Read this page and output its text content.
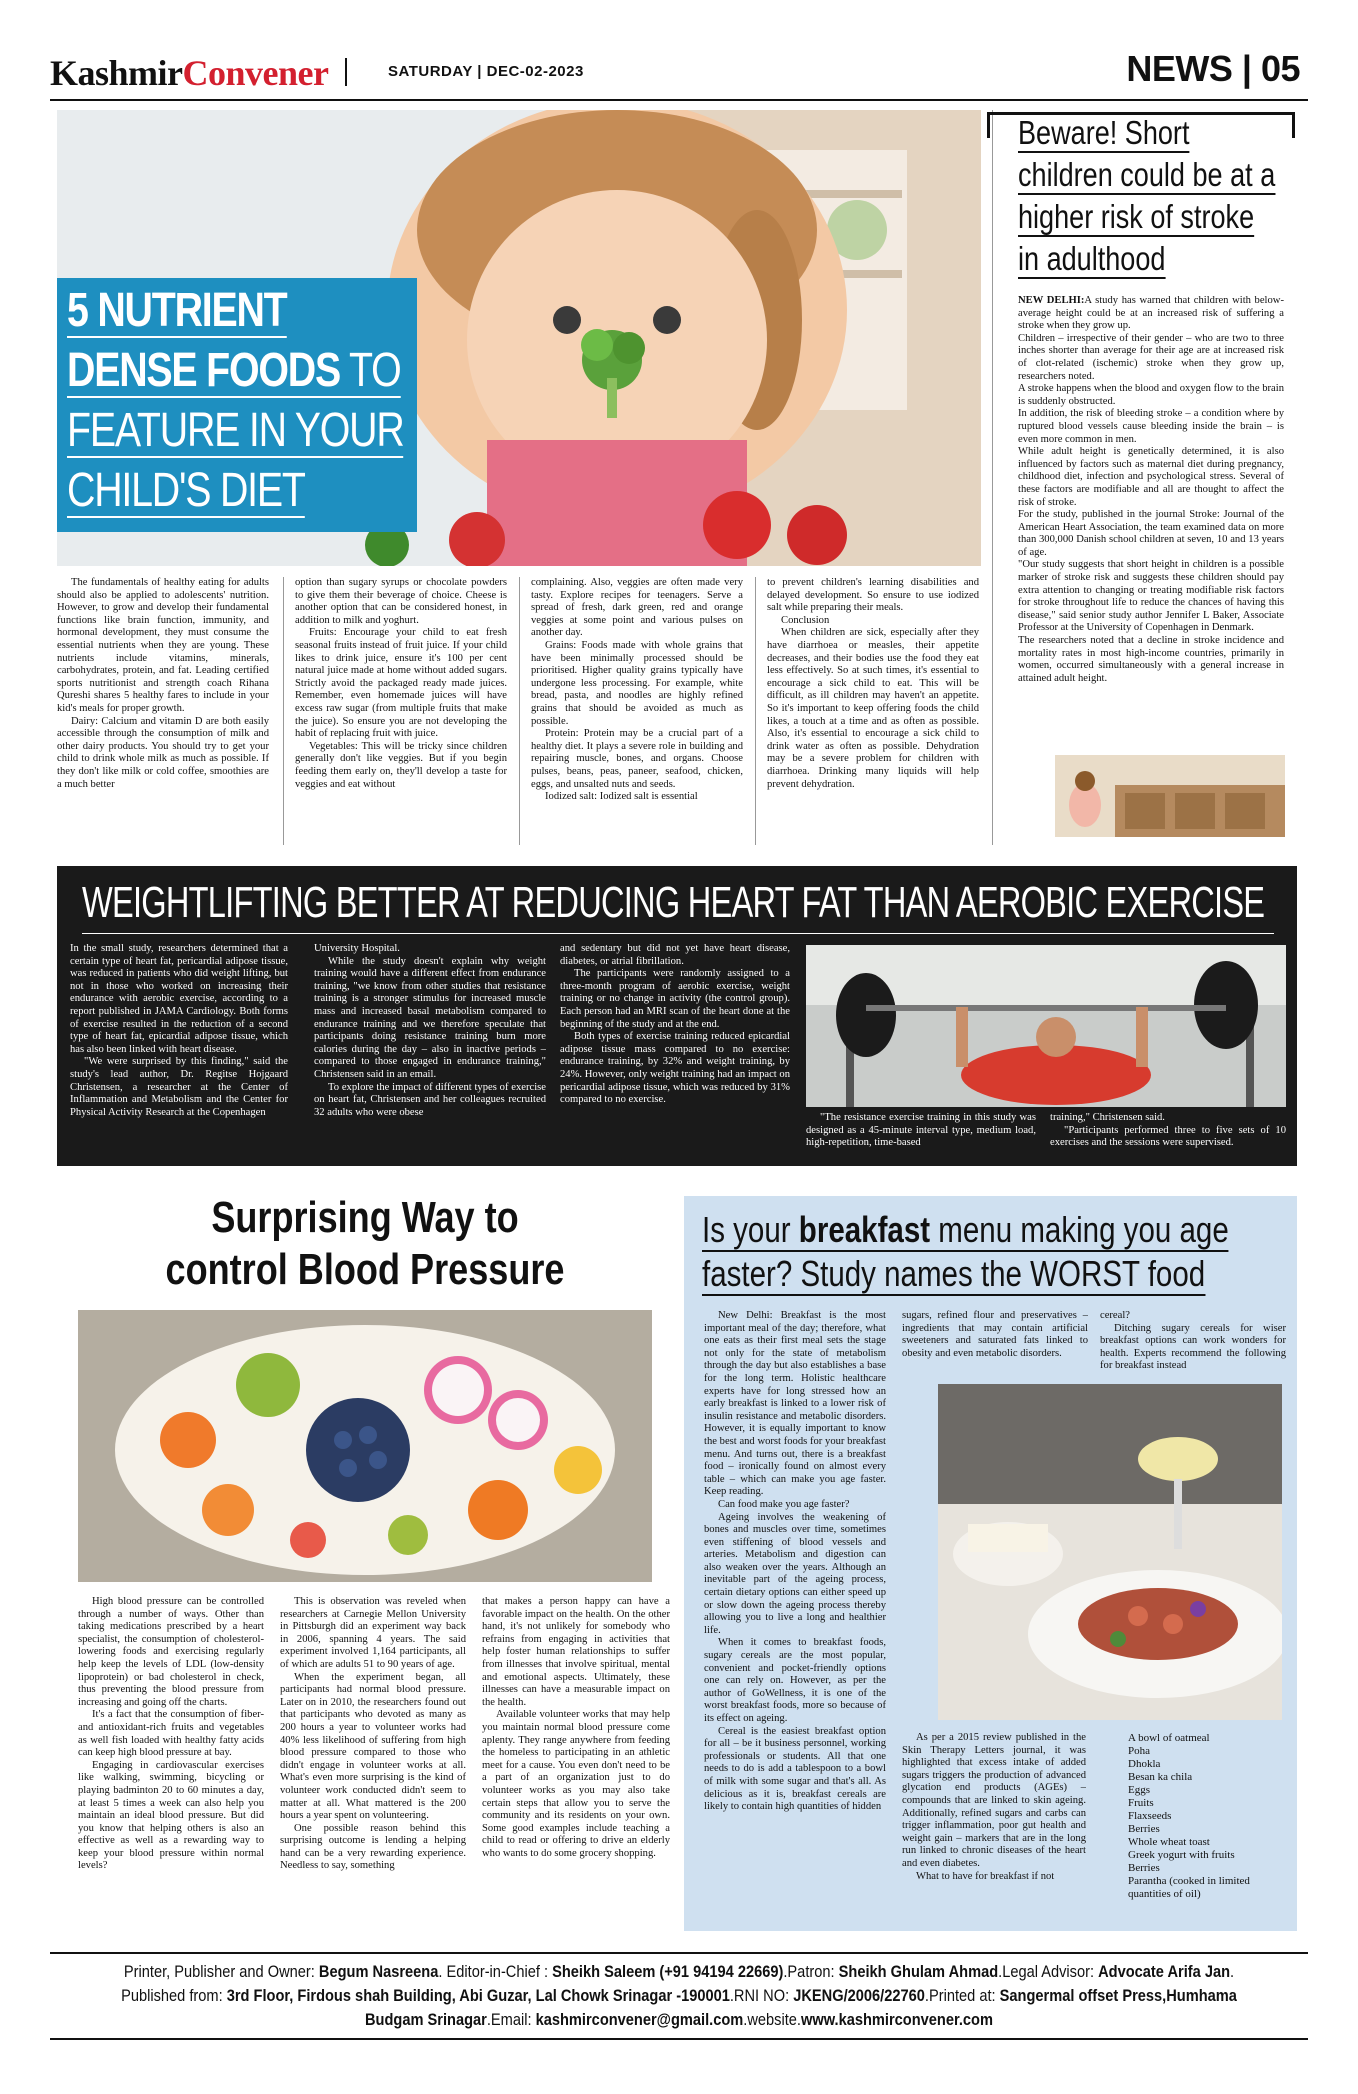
KashmirConvener	SATURDAY | DEC-02-2023	NEWS | 05
5 NUTRIENT
DENSE FOODS TO
FEATURE IN YOUR
CHILD'S DIET

The fundamentals of healthy eating for adults should also be applied to adolescents' nutrition. However, to grow and develop their fundamental functions like brain function, immunity, and hormonal development, they must consume the essential nutrients when they are young. These nutrients include vitamins, minerals, carbohydrates, protein, and fat. Leading certified sports nutritionist and strength coach Rihana Qureshi shares 5 healthy fares to include in your kid's meals for proper growth.

Dairy: Calcium and vitamin D are both easily accessible through the consumption of milk and other dairy products. You should try to get your child to drink whole milk as much as possible. If they don't like milk or cold coffee, smoothies are a much better

option than sugary syrups or chocolate powders to give them their beverage of choice. Cheese is another option that can be considered honest, in addition to milk and yoghurt.

Fruits: Encourage your child to eat fresh seasonal fruits instead of fruit juice. If your child likes to drink juice, ensure it's 100 per cent natural juice made at home without added sugars. Strictly avoid the packaged ready made juices. Remember, even homemade juices will have excess raw sugar (from multiple fruits that make the juice). So ensure you are not developing the habit of replacing fruit with juice.

Vegetables: This will be tricky since children generally don't like veggies. But if you begin feeding them early on, they'll develop a taste for veggies and eat without

complaining. Also, veggies are often made very tasty. Explore recipes for teenagers. Serve a spread of fresh, dark green, red and orange veggies at some point and various pulses on another day.

Grains: Foods made with whole grains that have been minimally processed should be prioritised. Higher quality grains typically have undergone less processing. For example, white bread, pasta, and noodles are highly refined grains that should be avoided as much as possible.

Protein: Protein may be a crucial part of a healthy diet. It plays a severe role in building and repairing muscle, bones, and organs. Choose pulses, beans, peas, paneer, seafood, chicken, eggs, and unsalted nuts and seeds.

Iodized salt: Iodized salt is essential

to prevent children's learning disabilities and delayed development. So ensure to use iodized salt while preparing their meals.

Conclusion

When children are sick, especially after they have diarrhoea or measles, their appetite decreases, and their bodies use the food they eat less effectively. So at such times, it's essential to encourage a sick child to eat. This will be difficult, as ill children may haven't an appetite. So it's important to keep offering foods the child likes, a touch at a time and as often as possible. Also, it's essential to encourage a sick child to drink water as often as possible. Dehydration may be a severe problem for children with diarrhoea. Drinking many liquids will help prevent dehydration.

Beware! Short
children could be at a
higher risk of stroke
in adulthood

NEW DELHI:A study has warned that children with below-average height could be at an increased risk of suffering a stroke when they grow up.

Children – irrespective of their gender – who are two to three inches shorter than average for their age are at increased risk of clot-related (ischemic) stroke when they grow up, researchers noted.

A stroke happens when the blood and oxygen flow to the brain is suddenly obstructed.

In addition, the risk of bleeding stroke – a condition where by ruptured blood vessels cause bleeding inside the brain – is even more common in men.

While adult height is genetically determined, it is also influenced by factors such as maternal diet during pregnancy, childhood diet, infection and psychological stress. Several of these factors are modifiable and all are thought to affect the risk of stroke.

For the study, published in the journal Stroke: Journal of the American Heart Association, the team examined data on more than 300,000 Danish school children at seven, 10 and 13 years of age.

"Our study suggests that short height in children is a possible marker of stroke risk and suggests these children should pay extra attention to changing or treating modifiable risk factors for stroke throughout life to reduce the chances of having this disease," said senior study author Jennifer L Baker, Associate Professor at the University of Copenhagen in Denmark.

The researchers noted that a decline in stroke incidence and mortality rates in most high-income countries, primarily in women, occurred simultaneously with a general increase in attained adult height.

WEIGHTLIFTING BETTER AT REDUCING HEART FAT THAN AEROBIC EXERCISE

In the small study, researchers determined that a certain type of heart fat, pericardial adipose tissue, was reduced in patients who did weight lifting, but not in those who worked on increasing their endurance with aerobic exercise, according to a report published in JAMA Cardiology. Both forms of exercise resulted in the reduction of a second type of heart fat, epicardial adipose tissue, which has also been linked with heart disease.

"We were surprised by this finding," said the study's lead author, Dr. Regitse Hojgaard Christensen, a researcher at the Center of Inflammation and Metabolism and the Center for Physical Activity Research at the Copenhagen

University Hospital.

While the study doesn't explain why weight training would have a different effect from endurance training, "we know from other studies that resistance training is a stronger stimulus for increased muscle mass and increased basal metabolism compared to endurance training and we therefore speculate that participants doing resistance training burn more calories during the day – also in inactive periods – compared to those engaged in endurance training," Christensen said in an email.

To explore the impact of different types of exercise on heart fat, Christensen and her colleagues recruited 32 adults who were obese

and sedentary but did not yet have heart disease, diabetes, or atrial fibrillation.

The participants were randomly assigned to a three-month program of aerobic exercise, weight training or no change in activity (the control group). Each person had an MRI scan of the heart done at the beginning of the study and at the end.

Both types of exercise training reduced epicardial adipose tissue mass compared to no exercise: endurance training, by 32% and weight training, by 24%. However, only weight training had an impact on pericardial adipose tissue, which was reduced by 31% compared to no exercise.

"The resistance exercise training in this study was designed as a 45-minute interval type, medium load, high-repetition, time-based

training," Christensen said.

"Participants performed three to five sets of 10 exercises and the sessions were supervised.

Surprising Way to
control Blood Pressure

High blood pressure can be controlled through a number of ways. Other than taking medications prescribed by a heart specialist, the consumption of cholesterol-lowering foods and exercising regularly help keep the levels of LDL (low-density lipoprotein) or bad cholesterol in check, thus preventing the blood pressure from increasing and going off the charts.

It's a fact that the consumption of fiber- and antioxidant-rich fruits and vegetables as well fish loaded with healthy fatty acids can keep high blood pressure at bay.

Engaging in cardiovascular exercises like walking, swimming, bicycling or playing badminton 20 to 60 minutes a day, at least 5 times a week can also help you maintain an ideal blood pressure. But did you know that helping others is also an effective as well as a rewarding way to keep your blood pressure within normal levels?

This is observation was reveled when researchers at Carnegie Mellon University in Pittsburgh did an experiment way back in 2006, spanning 4 years. The said experiment involved 1,164 participants, all of which are adults 51 to 90 years of age.

When the experiment began, all participants had normal blood pressure. Later on in 2010, the researchers found out that participants who devoted as many as 200 hours a year to volunteer works had 40% less likelihood of suffering from high blood pressure compared to those who didn't engage in volunteer works at all. What's even more surprising is the kind of volunteer work conducted didn't seem to matter at all. What mattered is the 200 hours a year spent on volunteering.

One possible reason behind this surprising outcome is lending a helping hand can be a very rewarding experience. Needless to say, something

that makes a person happy can have a favorable impact on the health. On the other hand, it's not unlikely for somebody who refrains from engaging in activities that help foster human relationships to suffer from illnesses that involve spiritual, mental and emotional aspects. Ultimately, these illnesses can have a measurable impact on the health.

Available volunteer works that may help you maintain normal blood pressure come aplenty. They range anywhere from feeding the homeless to participating in an athletic meet for a cause. You even don't need to be a part of an organization just to do volunteer works as you may also take certain steps that allow you to serve the community and its residents on your own. Some good examples include teaching a child to read or offering to drive an elderly who wants to do some grocery shopping.

Is your breakfast menu making you age
faster? Study names the WORST food

New Delhi: Breakfast is the most important meal of the day; therefore, what one eats as their first meal sets the stage not only for the state of metabolism through the day but also establishes a base for the long term. Holistic healthcare experts have for long stressed how an early breakfast is linked to a lower risk of insulin resistance and metabolic disorders. However, it is equally important to know the best and worst foods for your breakfast menu. And turns out, there is a breakfast food – ironically found on almost every table – which can make you age faster. Keep reading.

Can food make you age faster?

Ageing involves the weakening of bones and muscles over time, sometimes even stiffening of blood vessels and arteries. Metabolism and digestion can also weaken over the years. Although an inevitable part of the ageing process, certain dietary options can either speed up or slow down the ageing process thereby allowing you to live a long and healthier life.

When it comes to breakfast foods, sugary cereals are the most popular, convenient and pocket-friendly options one can rely on. However, as per the author of GoWellness, it is one of the worst breakfast foods, more so because of its effect on ageing.

Cereal is the easiest breakfast option for all – be it business personnel, working professionals or students. All that one needs to do is add a tablespoon to a bowl of milk with some sugar and that's all. As delicious as it is, breakfast cereals are likely to contain high quantities of hidden

sugars, refined flour and preservatives – ingredients that may contain artificial sweeteners and saturated fats linked to obesity and even metabolic disorders.

cereal?

Ditching sugary cereals for wiser breakfast options can work wonders for health. Experts recommend the following for breakfast instead

As per a 2015 review published in the Skin Therapy Letters journal, it was highlighted that excess intake of added sugars triggers the production of advanced glycation end products (AGEs) – compounds that are linked to skin ageing. Additionally, refined sugars and carbs can trigger inflammation, poor gut health and weight gain – markers that are in the long run linked to chronic diseases of the heart and even diabetes.

What to have for breakfast if not

A bowl of oatmeal
Poha
Dhokla
Besan ka chila
Eggs
Fruits
Flaxseeds
Berries
Whole wheat toast
Greek yogurt with fruits
Berries
Paranthа (cooked in limited quantities of oil)
Printer, Publisher and Owner: Begum Nasreena. Editor-in-Chief : Sheikh Saleem (+91 94194 22669).Patron: Sheikh Ghulam Ahmad.Legal Advisor: Advocate Arifa Jan.
Published from: 3rd Floor, Firdous shah Building, Abi Guzar, Lal Chowk Srinagar -190001.RNI NO: JKENG/2006/22760.Printed at: Sangermal offset Press,Humhama
Budgam Srinagar.Email: kashmirconvener@gmail.com.website.www.kashmirconvener.com
